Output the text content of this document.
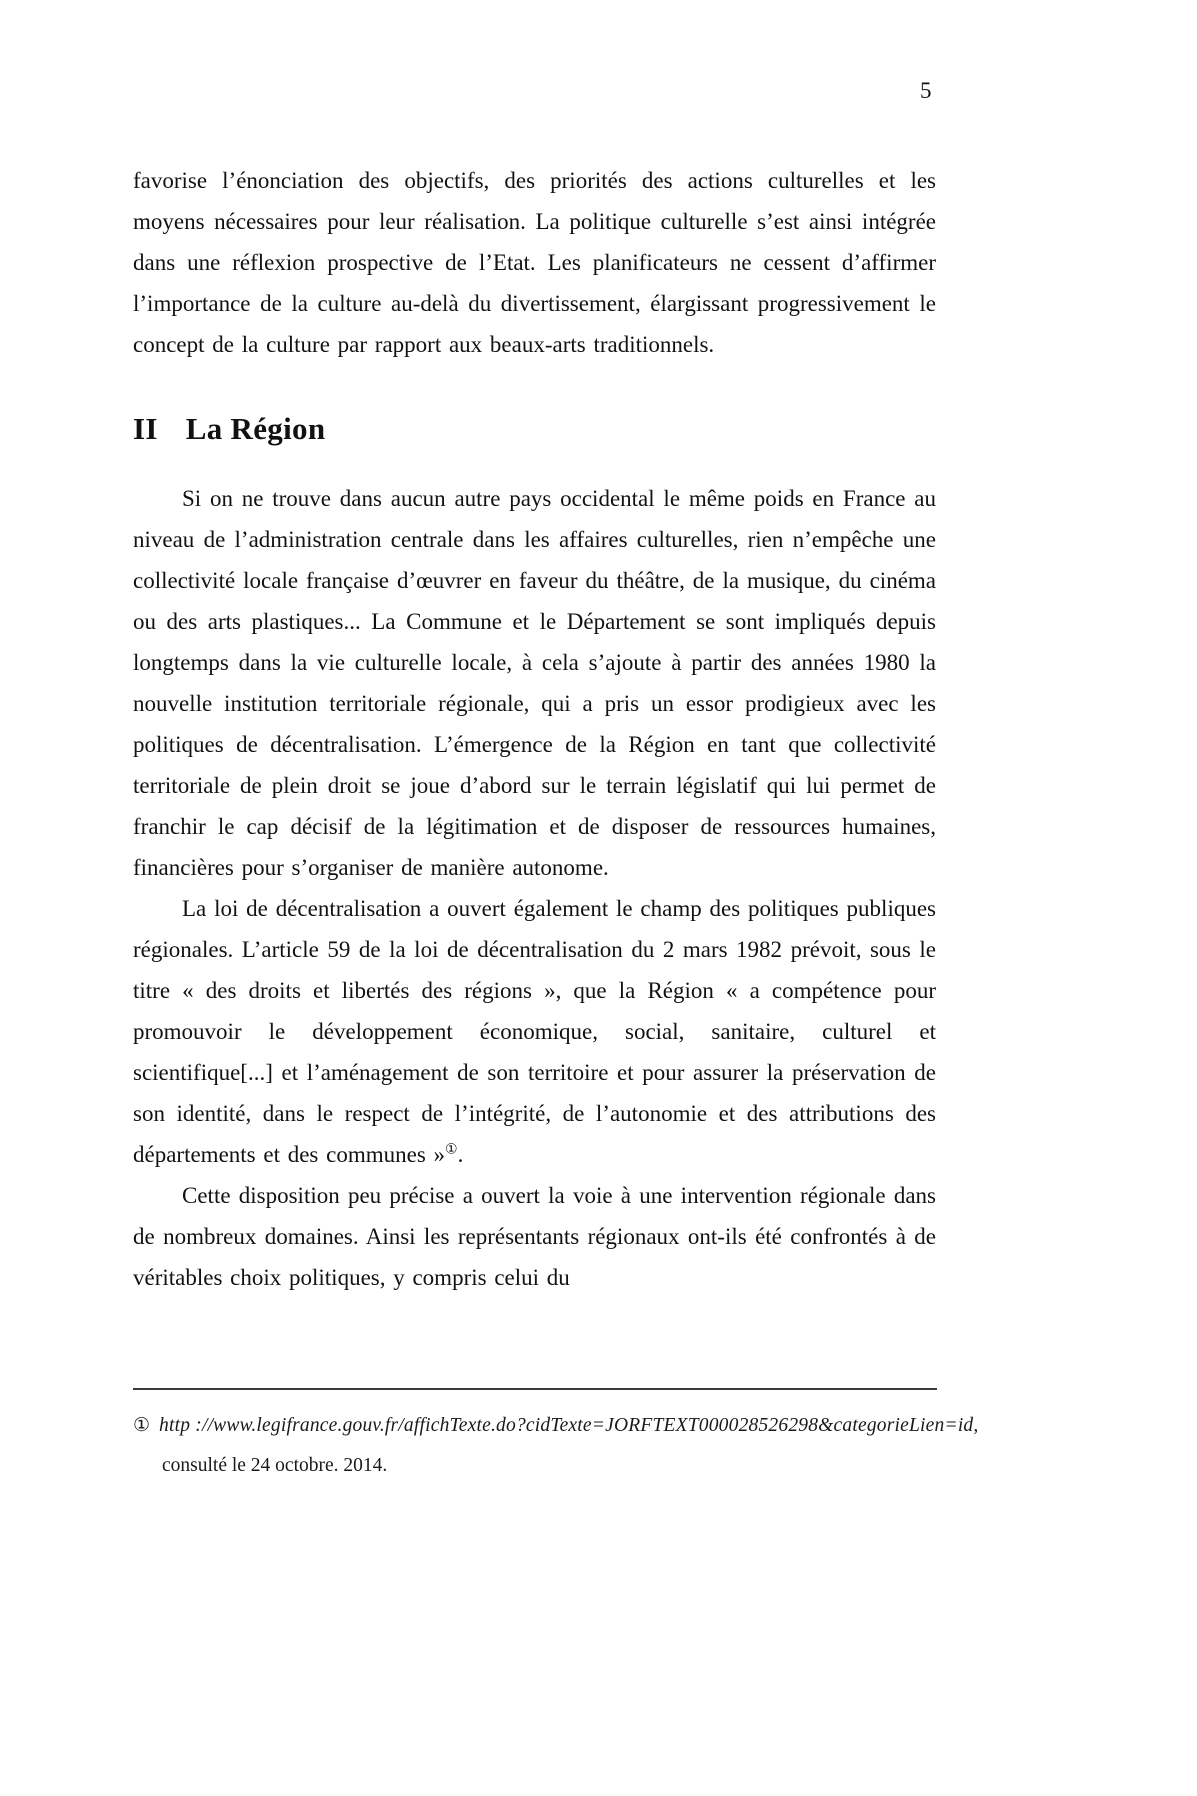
5

favorise l’énonciation des objectifs, des priorités des actions culturelles et les moyens nécessaires pour leur réalisation. La politique culturelle s’est ainsi intégrée dans une réflexion prospective de l’Etat. Les planificateurs ne cessent d’affirmer l’importance de la culture au-delà du divertissement, élargissant progressivement le concept de la culture par rapport aux beaux-arts traditionnels.

II La Région

Si on ne trouve dans aucun autre pays occidental le même poids en France au niveau de l’administration centrale dans les affaires culturelles, rien n’empêche une collectivité locale française d’œuvrer en faveur du théâtre, de la musique, du cinéma ou des arts plastiques... La Commune et le Département se sont impliqués depuis longtemps dans la vie culturelle locale, à cela s’ajoute à partir des années 1980 la nouvelle institution territoriale régionale, qui a pris un essor prodigieux avec les politiques de décentralisation. L’émergence de la Région en tant que collectivité territoriale de plein droit se joue d’abord sur le terrain législatif qui lui permet de franchir le cap décisif de la légitimation et de disposer de ressources humaines, financières pour s’organiser de manière autonome.

La loi de décentralisation a ouvert également le champ des politiques publiques régionales. L’article 59 de la loi de décentralisation du 2 mars 1982 prévoit, sous le titre « des droits et libertés des régions », que la Région « a compétence pour promouvoir le développement économique, social, sanitaire, culturel et scientifique[...] et l’aménagement de son territoire et pour assurer la préservation de son identité, dans le respect de l’intégrité, de l’autonomie et des attributions des départements et des communes »①.

Cette disposition peu précise a ouvert la voie à une intervention régionale dans de nombreux domaines. Ainsi les représentants régionaux ont-ils été confrontés à de véritables choix politiques, y compris celui du

① http ://www.legifrance.gouv.fr/affichTexte.do?cidTexte=JORFTEXT000028526298&categorieLien=id,
consulté le 24 octobre. 2014.
